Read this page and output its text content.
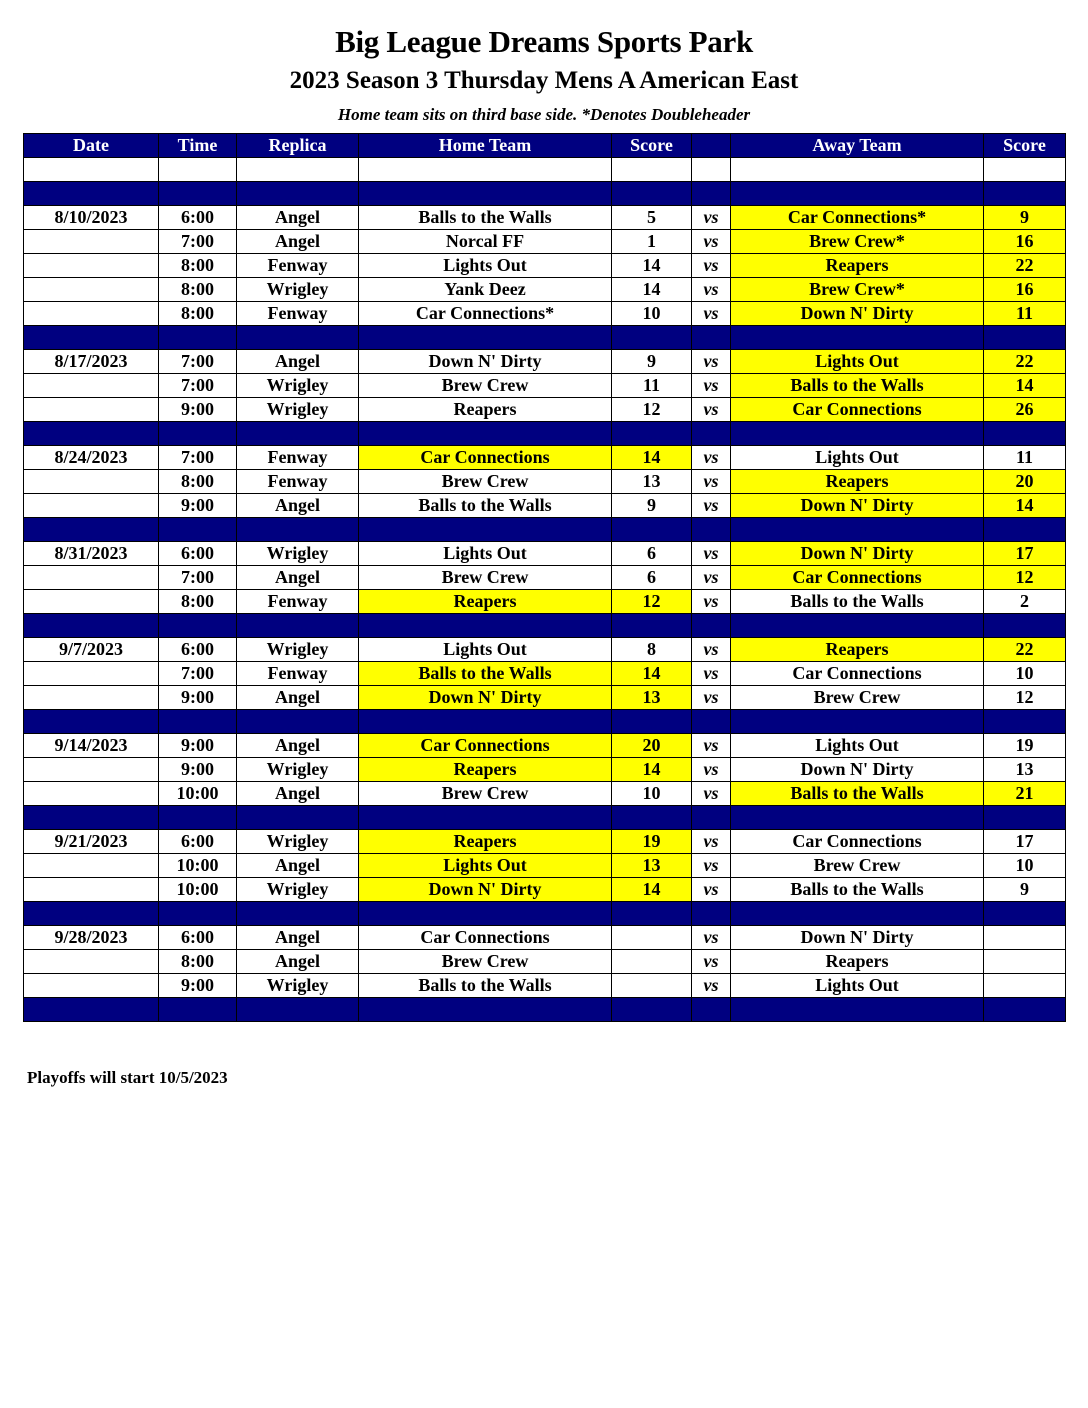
Big League Dreams Sports Park
2023 Season 3 Thursday Mens A American East
Home team sits on third base side. *Denotes Doubleheader
Date	Time	Replica	Home Team	Score		Away Team	Score

8/10/2023	6:00	Angel	Balls to the Walls	5	vs	Car Connections*	9
	7:00	Angel	Norcal FF	1	vs	Brew Crew*	16
	8:00	Fenway	Lights Out	14	vs	Reapers	22
	8:00	Wrigley	Yank Deez	14	vs	Brew Crew*	16
	8:00	Fenway	Car Connections*	10	vs	Down N' Dirty	11

8/17/2023	7:00	Angel	Down N' Dirty	9	vs	Lights Out	22
	7:00	Wrigley	Brew Crew	11	vs	Balls to the Walls	14
	9:00	Wrigley	Reapers	12	vs	Car Connections	26

8/24/2023	7:00	Fenway	Car Connections	14	vs	Lights Out	11
	8:00	Fenway	Brew Crew	13	vs	Reapers	20
	9:00	Angel	Balls to the Walls	9	vs	Down N' Dirty	14

8/31/2023	6:00	Wrigley	Lights Out	6	vs	Down N' Dirty	17
	7:00	Angel	Brew Crew	6	vs	Car Connections	12
	8:00	Fenway	Reapers	12	vs	Balls to the Walls	2

9/7/2023	6:00	Wrigley	Lights Out	8	vs	Reapers	22
	7:00	Fenway	Balls to the Walls	14	vs	Car Connections	10
	9:00	Angel	Down N' Dirty	13	vs	Brew Crew	12

9/14/2023	9:00	Angel	Car Connections	20	vs	Lights Out	19
	9:00	Wrigley	Reapers	14	vs	Down N' Dirty	13
	10:00	Angel	Brew Crew	10	vs	Balls to the Walls	21

9/21/2023	6:00	Wrigley	Reapers	19	vs	Car Connections	17
	10:00	Angel	Lights Out	13	vs	Brew Crew	10
	10:00	Wrigley	Down N' Dirty	14	vs	Balls to the Walls	9

9/28/2023	6:00	Angel	Car Connections		vs	Down N' Dirty	
	8:00	Angel	Brew Crew		vs	Reapers	
	9:00	Wrigley	Balls to the Walls		vs	Lights Out	

Playoffs will start 10/5/2023
